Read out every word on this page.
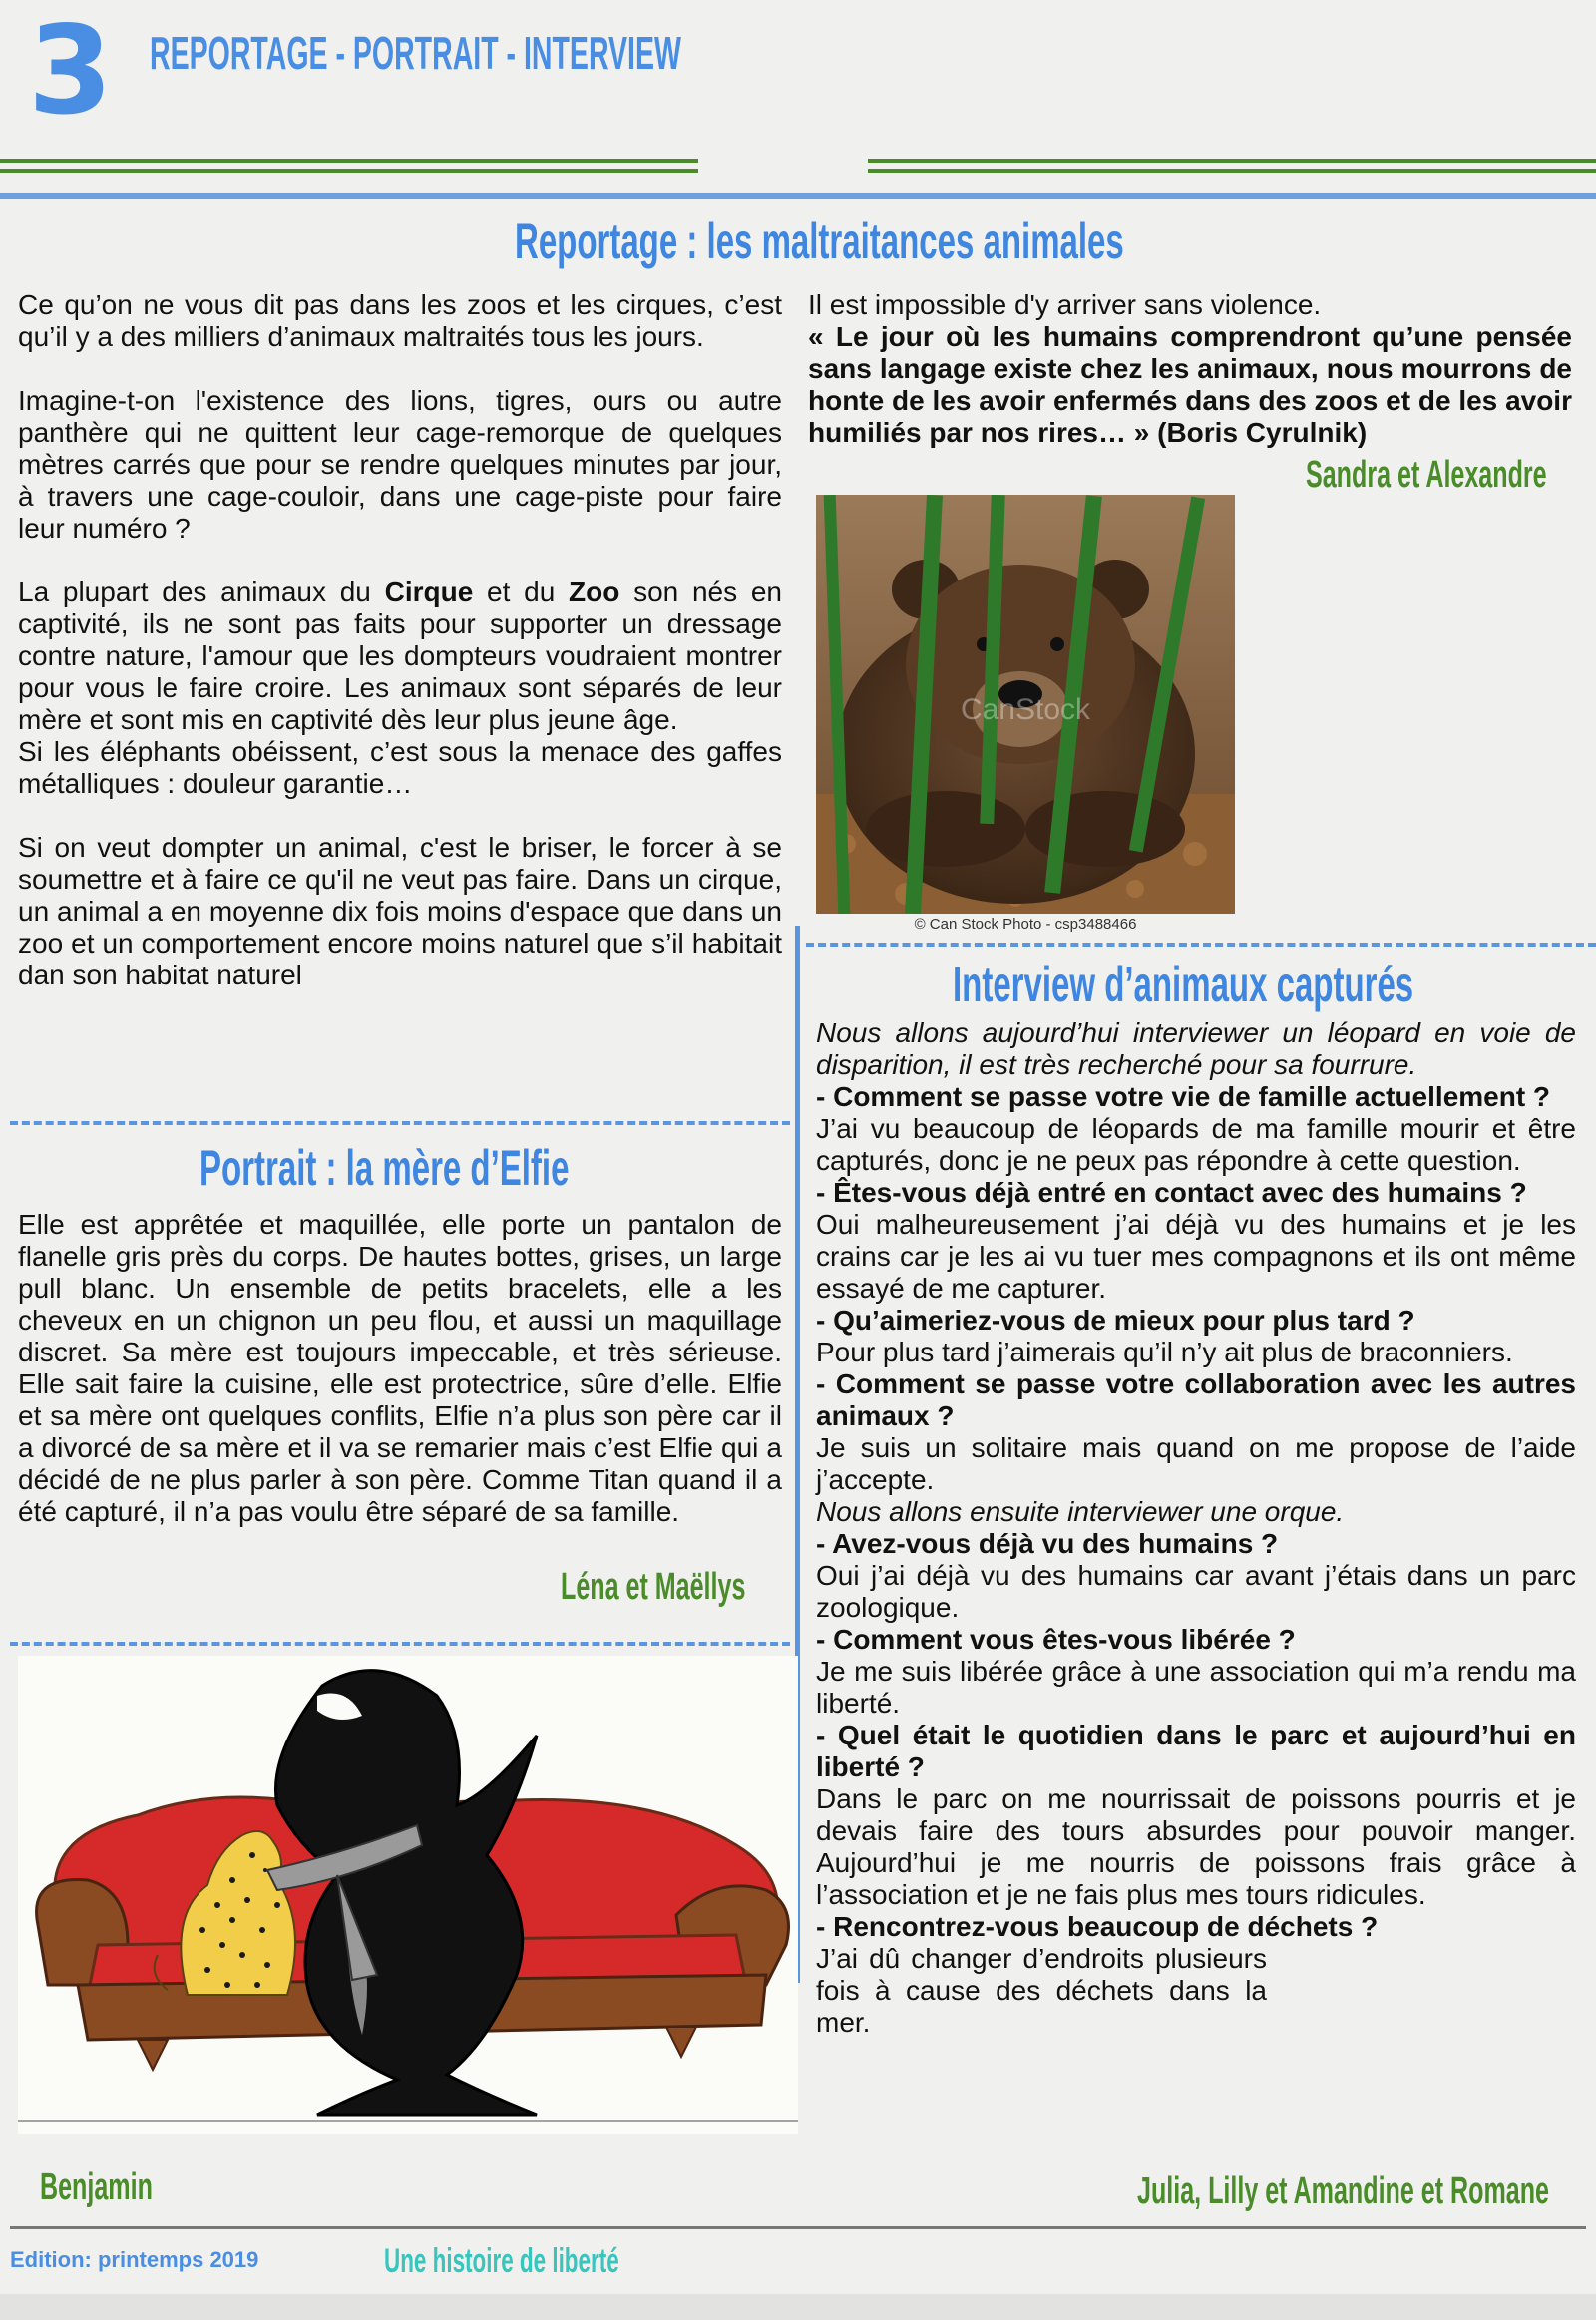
3 REPORTAGE - PORTRAIT - INTERVIEW
Reportage : les maltraitances animales

Ce qu’on ne vous dit pas dans les zoos et les cirques, c’est qu’il y a des milliers d’animaux maltraités tous les jours.

Imagine-t-on l'existence des lions, tigres, ours ou autre panthère qui ne quittent leur cage-remorque de quelques mètres carrés que pour se rendre quelques minutes par jour, à travers une cage-couloir, dans une cage-piste pour faire leur numéro ?

La plupart des animaux du Cirque et du Zoo son nés en captivité, ils ne sont pas faits pour supporter un dressage contre nature, l'amour que les dompteurs voudraient montrer pour vous le faire croire. Les animaux sont séparés de leur mère et sont mis en captivité dès leur plus jeune âge.

Si les éléphants obéissent, c’est sous la menace des gaffes métalliques : douleur garantie…

Si on veut dompter un animal, c'est le briser, le forcer à se soumettre et à faire ce qu'il ne veut pas faire. Dans un cirque, un animal a en moyenne dix fois moins d'espace que dans un zoo et un comportement encore moins naturel que s’il habitait dan son habitat naturel

Il est impossible d'y arriver sans violence.

« Le jour où les humains comprendront qu’une pensée sans langage existe chez les animaux, nous mourrons de honte de les avoir enfermés dans des zoos et de les avoir humiliés par nos rires… » (Boris Cyrulnik)

Sandra et Alexandre
CanStock
© Can Stock Photo - csp3488466
Portrait : la mère d’Elfie
Elle est apprêtée et maquillée, elle porte un pantalon de flanelle gris près du corps. De hautes bottes, grises, un large pull blanc. Un ensemble de petits bracelets, elle a les cheveux en un chignon un peu flou, et aussi un maquillage discret. Sa mère est toujours impeccable, et très sérieuse. Elle sait faire la cuisine, elle est protectrice, sûre d’elle. Elfie et sa mère ont quelques conflits, Elfie n’a plus son père car il a divorcé de sa mère et il va se remarier mais c’est Elfie qui a décidé de ne plus parler à son père. Comme Titan quand il a été capturé, il n’a pas voulu être séparé de sa famille.
Léna et Maëllys
Benjamin
Interview d’animaux capturés

Nous allons aujourd’hui interviewer un léopard en voie de disparition, il est très recherché pour sa fourrure.

- Comment se passe votre vie de famille actuellement ?

J’ai vu beaucoup de léopards de ma famille mourir et être capturés, donc je ne peux pas répondre à cette question.

- Êtes-vous déjà entré en contact avec des humains ?

Oui malheureusement j’ai déjà vu des humains et je les crains car je les ai vu tuer mes compagnons et ils ont même essayé de me capturer.

- Qu’aimeriez-vous de mieux pour plus tard ?

Pour plus tard j’aimerais qu’il n’y ait plus de braconniers.

- Comment se passe votre collaboration avec les autres animaux ?

Je suis un solitaire mais quand on me propose de l’aide j’accepte.

Nous allons ensuite interviewer une orque.

- Avez-vous déjà vu des humains ?

Oui j’ai déjà vu des humains car avant j’étais dans un parc zoologique.

- Comment vous êtes-vous libérée ?

Je me suis libérée grâce à une association qui m’a rendu ma liberté.

- Quel était le quotidien dans le parc et aujourd’hui en liberté ?

Dans le parc on me nourrissait de poissons pourris et je devais faire des tours absurdes pour pouvoir manger. Aujourd’hui je me nourris de poissons frais grâce à l’association et je ne fais plus mes tours ridicules.

- Rencontrez-vous beaucoup de déchets ?

J’ai dû changer d’endroits plusieurs fois à cause des déchets dans la mer.

Julia, Lilly et Amandine et Romane
Edition: printemps 2019	Une histoire de liberté
